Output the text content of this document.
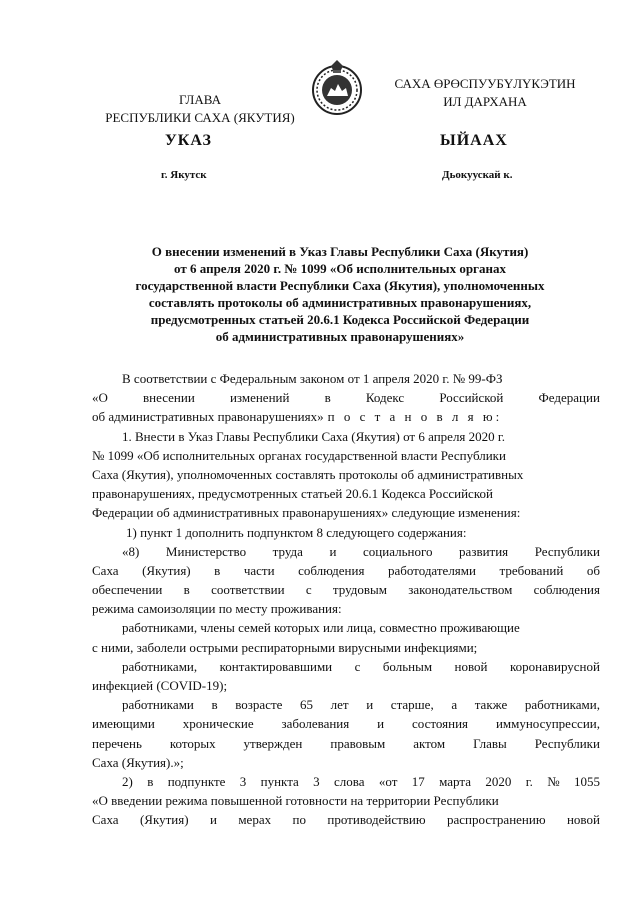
ГЛАВА
РЕСПУБЛИКИ САХА (ЯКУТИЯ)
САХА ӨРӨСПУУБҮЛҮКЭТИН
ИЛ ДАРХАНА
УКАЗ	ЫЙААХ
г. Якутск	Дьокуускай к.
О внесении изменений в Указ Главы Республики Саха (Якутия)
от 6 апреля 2020 г. № 1099 «Об исполнительных органах
государственной власти Республики Саха (Якутия), уполномоченных
составлять протоколы об административных правонарушениях,
предусмотренных статьей 20.6.1 Кодекса Российской Федерации
об административных правонарушениях»
В соответствии с Федеральным законом от 1 апреля 2020 г. № 99-ФЗ
«О	внесении	изменений	в	Кодекс	Российской	Федерации
об административных правонарушениях» п о с т а н о в л я ю:
1. Внести в Указ Главы Республики Саха (Якутия) от 6 апреля 2020 г.
№ 1099 «Об исполнительных органах государственной власти Республики
Саха (Якутия), уполномоченных составлять протоколы об административных
правонарушениях, предусмотренных статьей 20.6.1 Кодекса Российской
Федерации об административных правонарушениях» следующие изменения:
1) пункт 1 дополнить подпунктом 8 следующего содержания:
«8) Министерство труда и социального развития Республики
Саха (Якутия) в части соблюдения работодателями требований об
обеспечении в соответствии с трудовым законодательством соблюдения
режима самоизоляции по месту проживания:
работниками, члены семей которых или лица, совместно проживающие
с ними, заболели острыми респираторными вирусными инфекциями;
работниками, контактировавшими с больным новой коронавирусной
инфекцией (COVID-19);
работниками в возрасте 65 лет и старше, а также работниками,
имеющими хронические заболевания и состояния иммуносупрессии,
перечень которых утвержден правовым актом Главы Республики
Саха (Якутия).»;
2) в подпункте 3 пункта 3 слова «от 17 марта 2020 г. № 1055
«О введении режима повышенной готовности на территории Республики
Саха (Якутия) и мерах по противодействию распространению новой
